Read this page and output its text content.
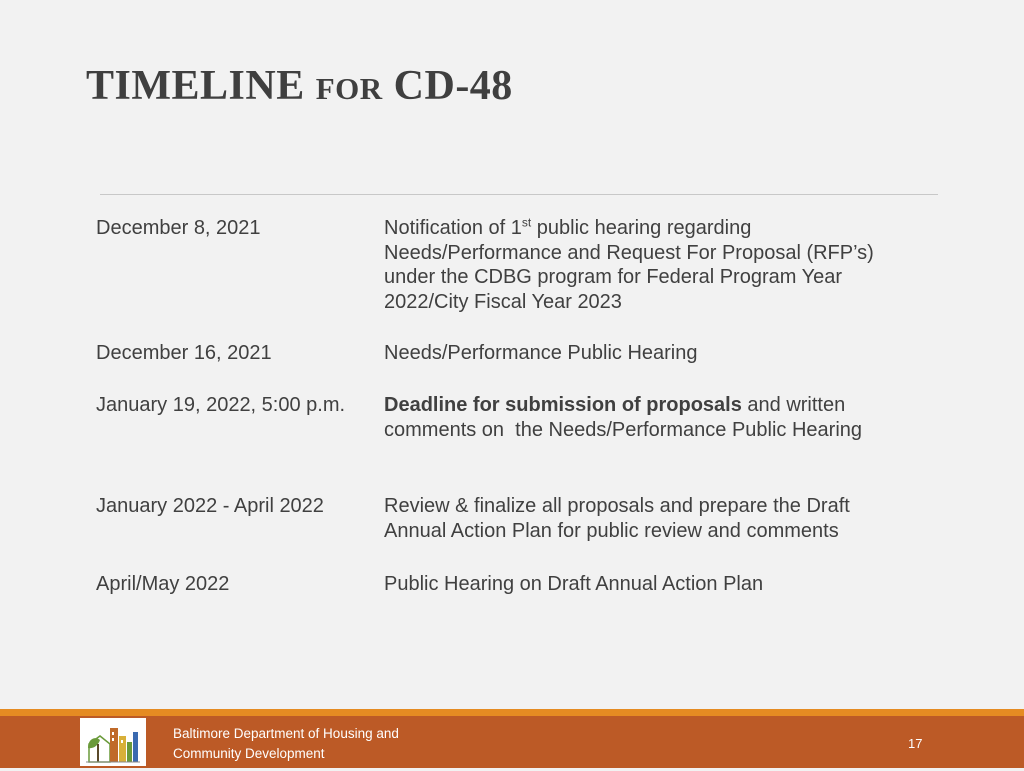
TIMELINE FOR CD-48
December 8, 2021	Notification of 1st public hearing regarding Needs/Performance and Request For Proposal (RFP’s) under the CDBG program for Federal Program Year 2022/City Fiscal Year 2023
December 16, 2021	Needs/Performance Public Hearing
January 19, 2022, 5:00 p.m.	Deadline for submission of proposals and written comments on  the Needs/Performance Public Hearing
January 2022 - April 2022	Review & finalize all proposals and prepare the Draft Annual Action Plan for public review and comments
April/May 2022	Public Hearing on Draft Annual Action Plan
Baltimore Department of Housing and
Community Development
17
